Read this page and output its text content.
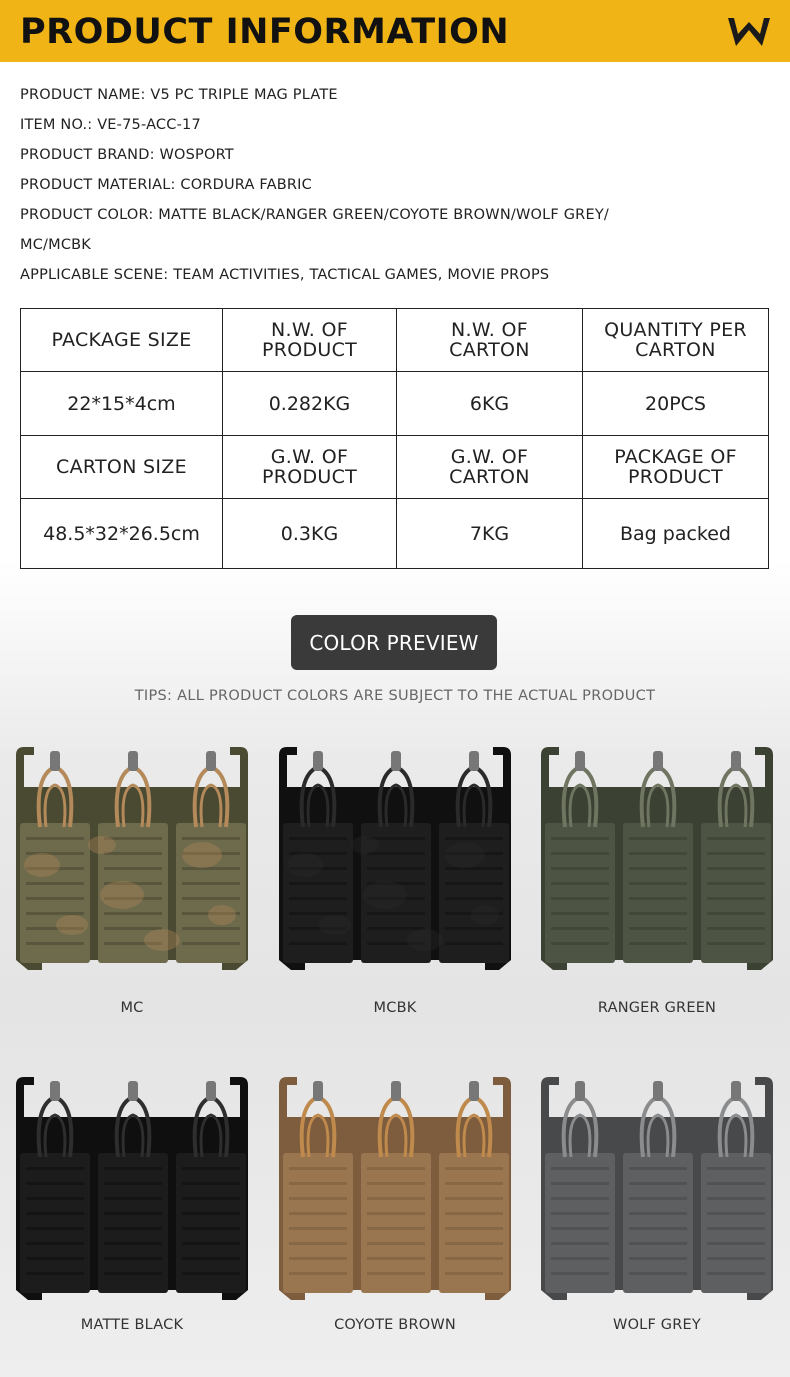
PRODUCT INFORMATION
PRODUCT NAME: V5 PC TRIPLE MAG PLATE
ITEM NO.: VE-75-ACC-17
PRODUCT BRAND: WOSPORT
PRODUCT MATERIAL: CORDURA FABRIC
PRODUCT COLOR: MATTE BLACK/RANGER GREEN/COYOTE BROWN/WOLF GREY/
MC/MCBK
APPLICABLE SCENE: TEAM ACTIVITIES, TACTICAL GAMES, MOVIE PROPS
PACKAGE SIZE	N.W. OF PRODUCT	N.W. OF CARTON	QUANTITY PER CARTON

22*15*4cm	0.282KG	6KG	20PCS
CARTON SIZE	G.W. OF PRODUCT	G.W. OF CARTON	PACKAGE OF PRODUCT

48.5*32*26.5cm	0.3KG	7KG	Bag packed
COLOR PREVIEW
TIPS: ALL PRODUCT COLORS ARE SUBJECT TO THE ACTUAL PRODUCT
MC	MCBK	RANGER GREEN
MATTE BLACK	COYOTE BROWN	WOLF GREY
